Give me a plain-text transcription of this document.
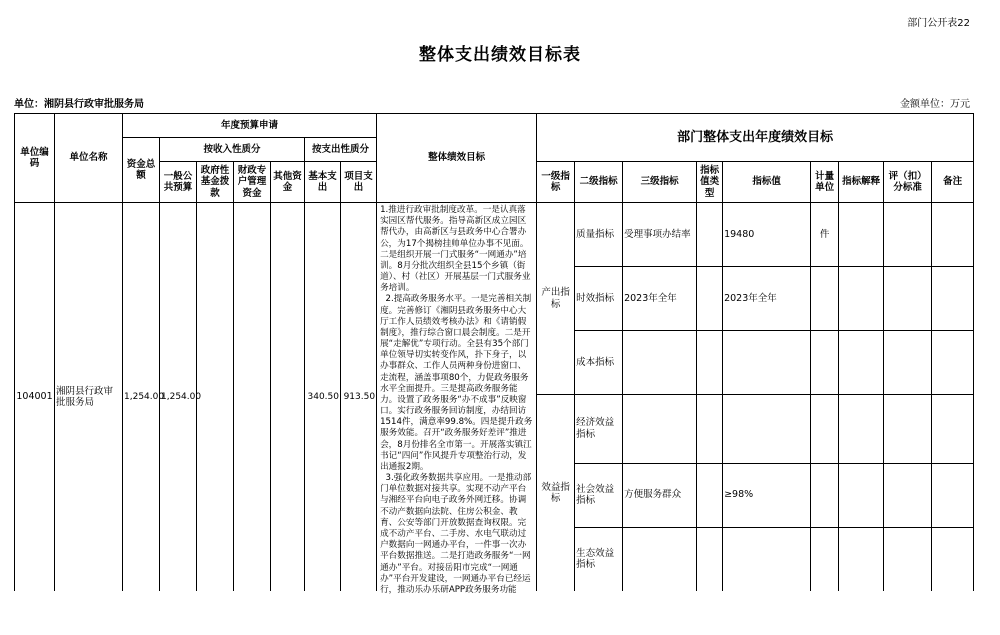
部门公开表22
整体支出绩效目标表
单位：湘阴县行政审批服务局	金额单位：万元
单位编码	单位名称	年度预算申请							整体绩效目标	部门整体支出年度绩效目标								
		资金总额	按收入性质分				按支出性质分											
			一般公共预算	政府性基金拨款	财政专户管理资金	其他资金	基本支出	项目支出		一级指标	二级指标	三级指标	指标值类型	指标值	计量单位	指标解释	评（扣）分标准	备注
104001	湘阴县行政审批服务局	1,254.00	1,254.00				340.50	913.50	1.推进行政审批制度改革。一是认真落实园区帮代服务。指导高新区成立园区帮代办，由高新区与县政务中心合署办公，为17个揭榜挂帅单位办事不见面。二是组织开展一门式服务“一网通办”培训。8月分批次组织全县15个乡镇（街道）、村（社区）开展基层一门式服务业务培训。
2.提高政务服务水平。一是完善相关制度。完善修订《湘阴县政务服务中心大厅工作人员绩效考核办法》和《请销假制度》，推行综合窗口晨会制度。二是开展“走解优”专项行动。全县有35个部门单位领导切实转变作风，扑下身子，以办事群众、工作人员两种身份进窗口、走流程，涵盖事项80个，力促政务服务水平全面提升。三是提高政务服务能力。设置了政务服务“办不成事”反映窗口。实行政务服务回访制度，办结回访1514件，满意率99.8%。四是提升政务服务效能。召开“政务服务好差评”推进会，8月份排名全市第一。开展落实镇江书记“四问”作风提升专项整治行动，发出通报2期。
3.强化政务数据共享应用。一是推动部门单位数据对接共享。实现不动产平台与湘经平台向电子政务外网迁移。协调不动产数据向法院、住房公积金、教育、公安等部门开放数据查询权限。完成不动产平台、二手房、水电气联动过户数据向一网通办平台，一件事一次办平台数据推送。二是打造政务服务“一网通办”平台。对接岳阳市完成“一网通办”平台开发建设，一网通办平台已经运行，推动乐办乐研APP政务服务功能	产出指标	质量指标	受理事项办结率		19480	件			
											时效指标	2023年全年		2023年全年				
											成本指标							
										效益指标	经济效益指标							
											社会效益指标	方便服务群众		≥98%				
											生态效益指标							
